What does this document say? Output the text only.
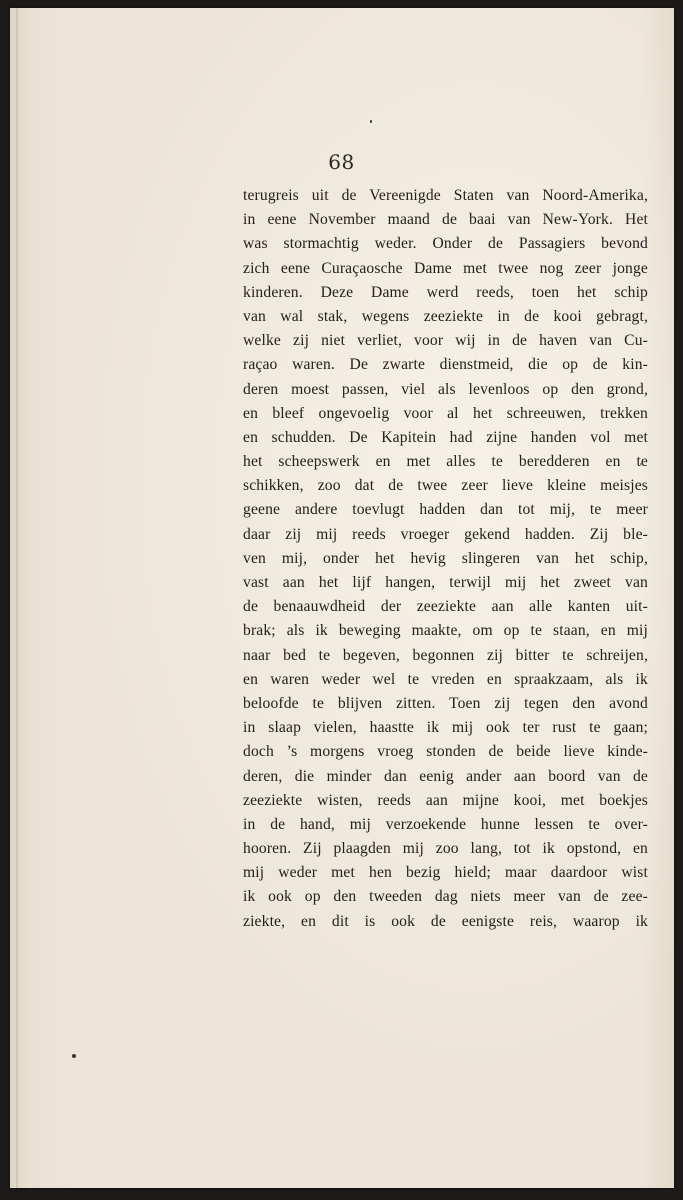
68
terugreis uit de Vereenigde Staten van Noord-Amerika,
in eene November maand de baai van New-York. Het
was stormachtig weder. Onder de Passagiers bevond
zich eene Curaçaosche Dame met twee nog zeer jonge
kinderen. Deze Dame werd reeds, toen het schip
van wal stak, wegens zeeziekte in de kooi gebragt,
welke zij niet verliet, voor wij in de haven van Cu-
raçao waren. De zwarte dienstmeid, die op de kin-
deren moest passen, viel als levenloos op den grond,
en bleef ongevoelig voor al het schreeuwen, trekken
en schudden. De Kapitein had zijne handen vol met
het scheepswerk en met alles te beredderen en te
schikken, zoo dat de twee zeer lieve kleine meisjes
geene andere toevlugt hadden dan tot mij, te meer
daar zij mij reeds vroeger gekend hadden. Zij ble-
ven mij, onder het hevig slingeren van het schip,
vast aan het lijf hangen, terwijl mij het zweet van
de benaauwdheid der zeeziekte aan alle kanten uit-
brak; als ik beweging maakte, om op te staan, en mij
naar bed te begeven, begonnen zij bitter te schreijen,
en waren weder wel te vreden en spraakzaam, als ik
beloofde te blijven zitten. Toen zij tegen den avond
in slaap vielen, haastte ik mij ook ter rust te gaan;
doch ’s morgens vroeg stonden de beide lieve kinde-
deren, die minder dan eenig ander aan boord van de
zeeziekte wisten, reeds aan mijne kooi, met boekjes
in de hand, mij verzoekende hunne lessen te over-
hooren. Zij plaagden mij zoo lang, tot ik opstond, en
mij weder met hen bezig hield; maar daardoor wist
ik ook op den tweeden dag niets meer van de zee-
ziekte, en dit is ook de eenigste reis, waarop ik
